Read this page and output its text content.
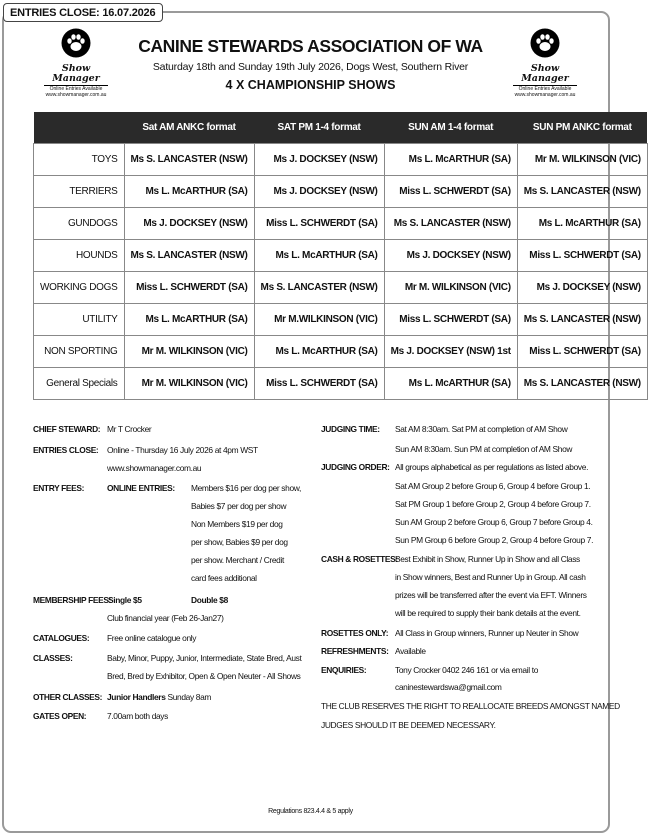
ENTRIES CLOSE: 16.07.2026
Show Manager
Online Entries Available
www.showmanager.com.au
Show Manager
Online Entries Available
www.showmanager.com.au
CANINE STEWARDS ASSOCIATION OF WA
Saturday 18th and Sunday 19th July 2026, Dogs West, Southern River
4 X CHAMPIONSHIP SHOWS
	Sat AM ANKC format	SAT PM 1-4 format	SUN AM 1-4 format	SUN PM ANKC format
TOYS	Ms S. LANCASTER (NSW)	Ms J. DOCKSEY (NSW)	Ms L. McARTHUR (SA)	Mr M. WILKINSON (VIC)
TERRIERS	Ms L. McARTHUR (SA)	Ms J. DOCKSEY (NSW)	Miss L. SCHWERDT (SA)	Ms S. LANCASTER (NSW)
GUNDOGS	Ms J. DOCKSEY (NSW)	Miss L. SCHWERDT (SA)	Ms S. LANCASTER (NSW)	Ms L. McARTHUR (SA)
HOUNDS	Ms S. LANCASTER (NSW)	Ms L. McARTHUR (SA)	Ms J. DOCKSEY (NSW)	Miss L. SCHWERDT (SA)
WORKING DOGS	Miss L. SCHWERDT (SA)	Ms S. LANCASTER (NSW)	Mr M. WILKINSON (VIC)	Ms J. DOCKSEY (NSW)
UTILITY	Ms L. McARTHUR (SA)	Mr M.WILKINSON (VIC)	Miss L. SCHWERDT (SA)	Ms S. LANCASTER (NSW)
NON SPORTING	Mr M. WILKINSON (VIC)	Ms L. McARTHUR (SA)	Ms J. DOCKSEY (NSW) 1st	Miss L. SCHWERDT (SA)
General Specials	Mr M. WILKINSON (VIC)	Miss L. SCHWERDT (SA)	Ms L. McARTHUR (SA)	Ms S. LANCASTER (NSW)
CHIEF STEWARD: Mr T Crocker
ENTRIES CLOSE: Online - Thursday 16 July 2026 at 4pm WST
www.showmanager.com.au
ENTRY FEES:	ONLINE ENTRIES: Members $16 per dog per show,
Babies $7 per dog per show
Non Members $19 per dog
per show, Babies $9 per dog
per show. Merchant / Credit
card fees additional
MEMBERSHIP FEES:
Single $5	Double $8
Club financial year (Feb 26-Jan27)
CATALOGUES: Free online catalogue only
CLASSES:	Baby, Minor, Puppy, Junior, Intermediate, State Bred, Aust
Bred, Bred by Exhibitor, Open & Open Neuter - All Shows
OTHER CLASSES: Junior Handlers Sunday 8am
GATES OPEN: 7.00am both days
JUDGING TIME: Sat AM 8:30am. Sat PM at completion of AM Show
Sun AM 8:30am. Sun PM at completion of AM Show
JUDGING ORDER: All groups alphabetical as per regulations as listed above.
Sat AM Group 2 before Group 6, Group 4 before Group 1.
Sat PM Group 1 before Group 2, Group 4 before Group 7.
Sun AM Group 2 before Group 6, Group 7 before Group 4.
Sun PM Group 6 before Group 2, Group 4 before Group 7.
CASH & ROSETTES:
Best Exhibit in Show, Runner Up in Show and all Class
in Show winners, Best and Runner Up in Group. All cash
prizes will be transferred after the event via EFT. Winners
will be required to supply their bank details at the event.
ROSETTES ONLY: All Class in Group winners, Runner up Neuter in Show
REFRESHMENTS: Available
ENQUIRIES:	Tony Crocker 0402 246 161 or via email to
caninestewardswa@gmail.com
THE CLUB RESERVES THE RIGHT TO REALLOCATE BREEDS AMONGST NAMED
JUDGES SHOULD IT BE DEEMED NECESSARY.
Regulations 823.4.4 & 5 apply
